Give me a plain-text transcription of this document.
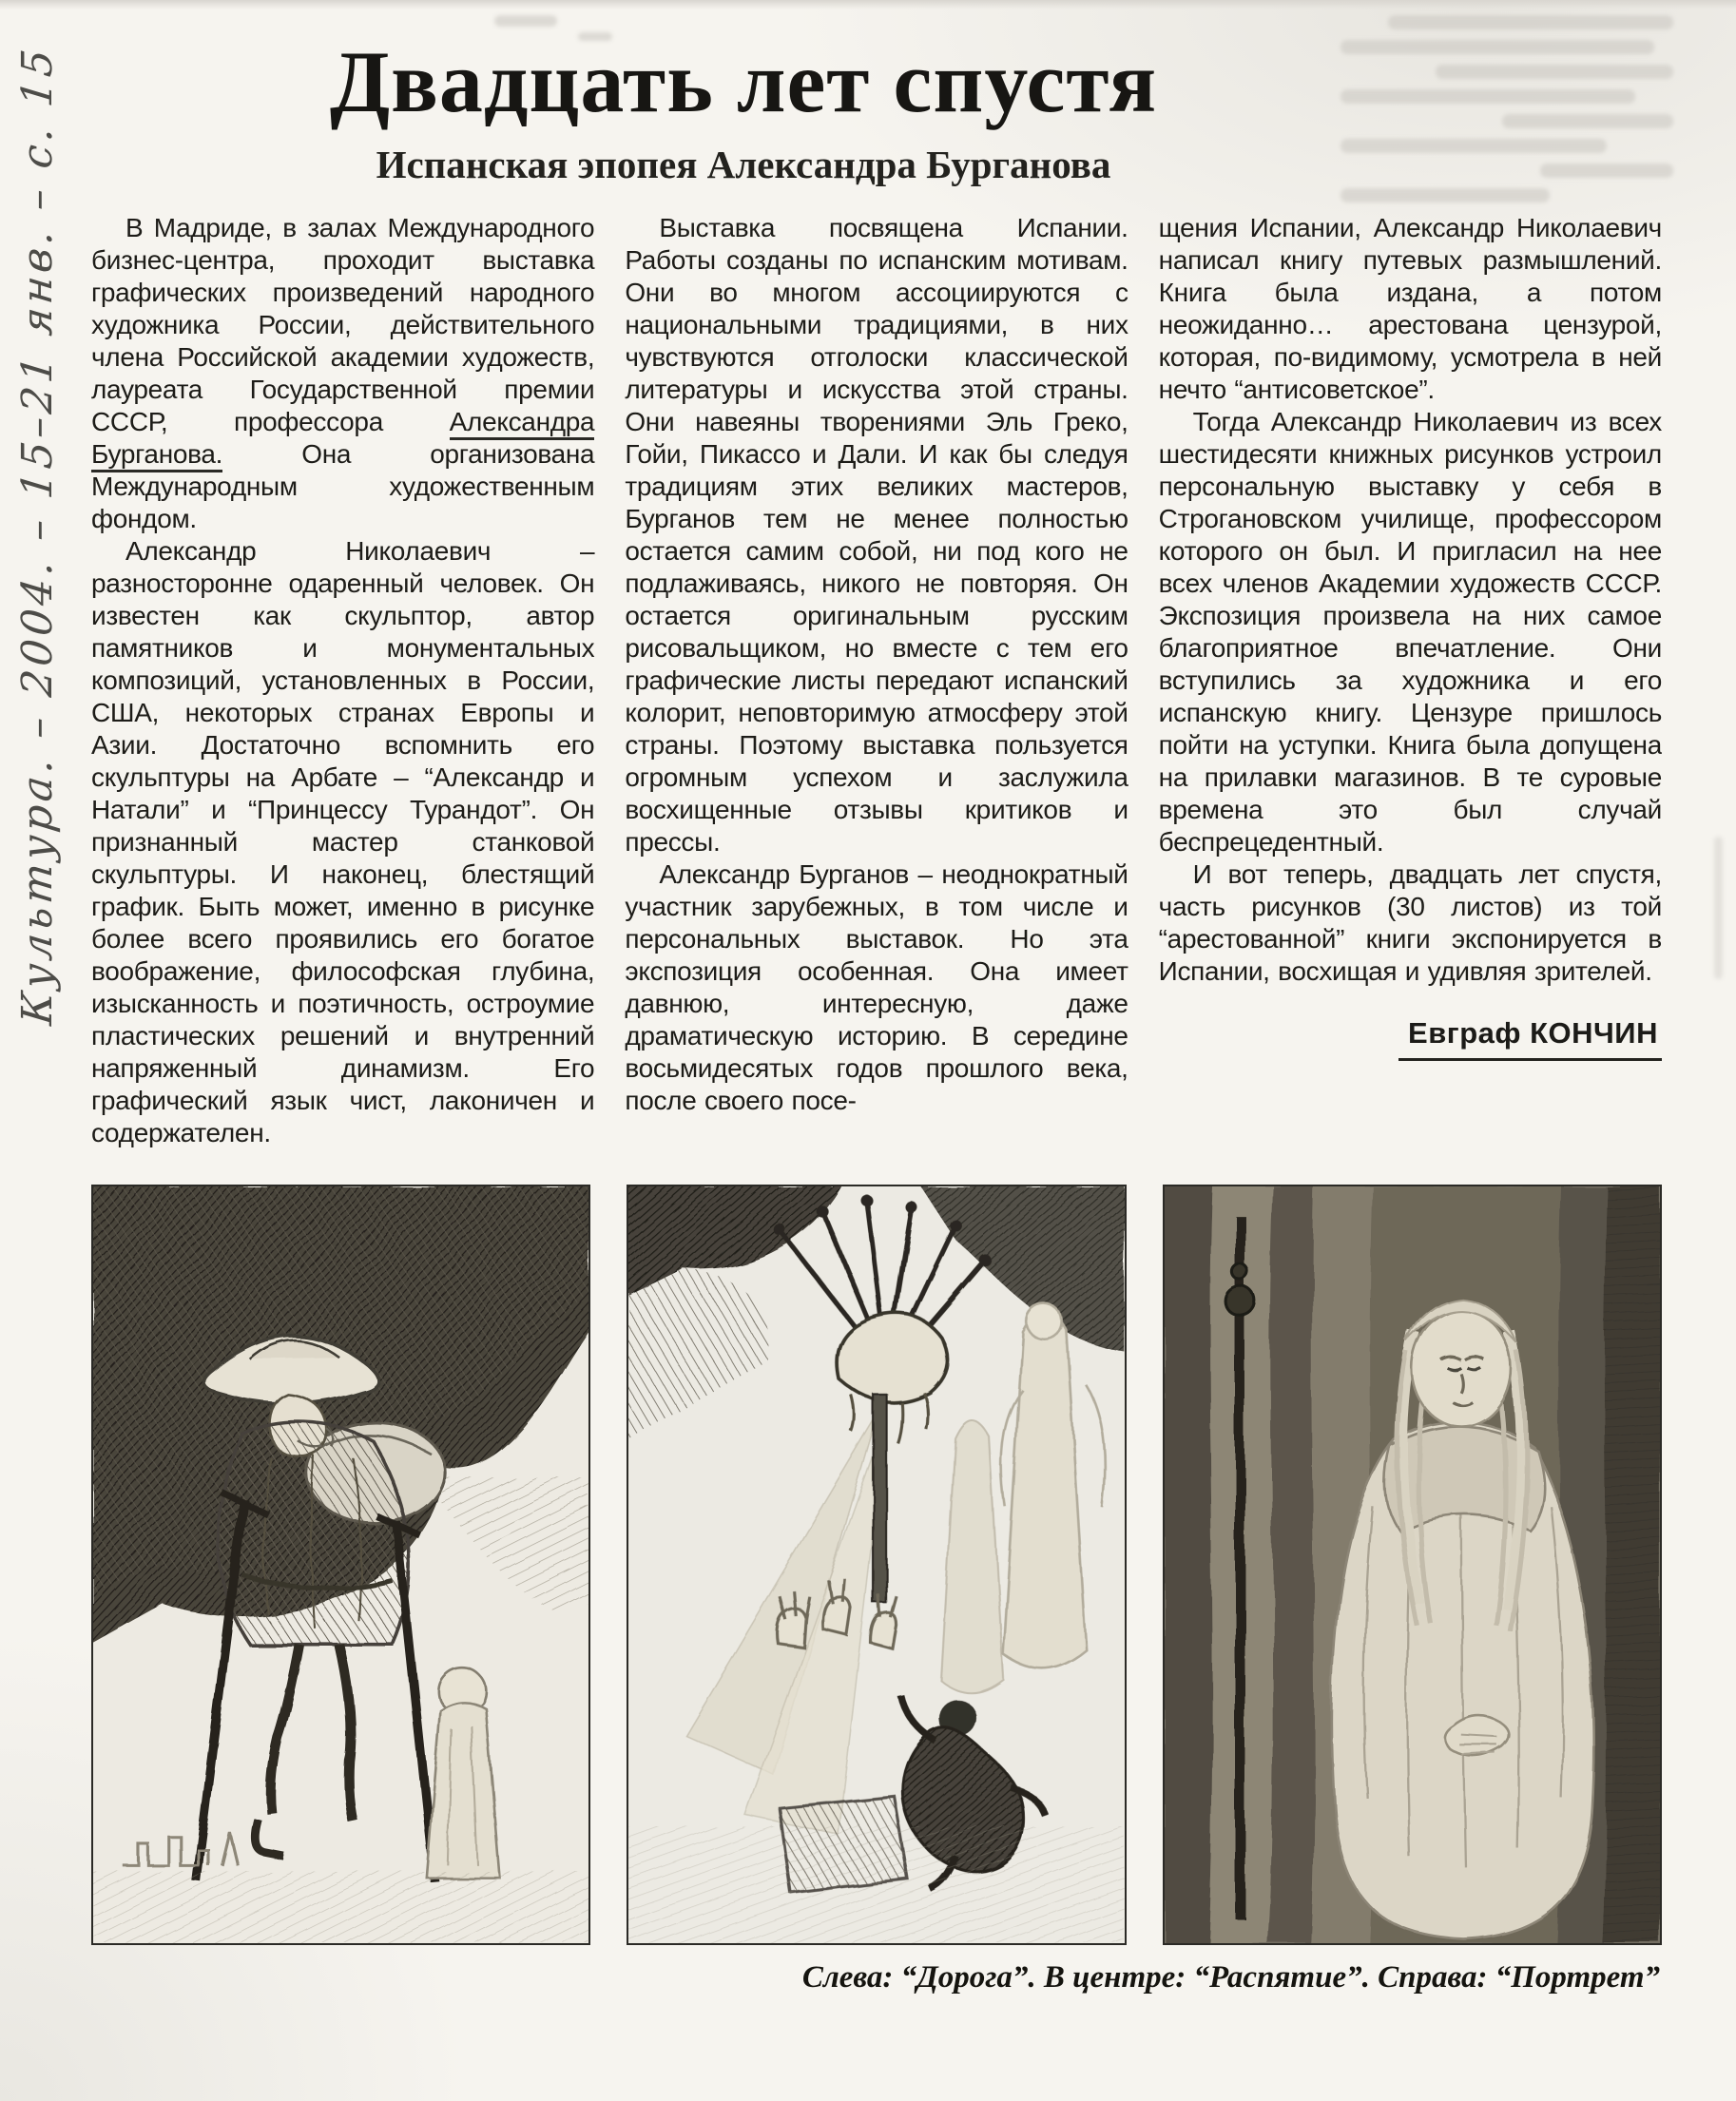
Культура. – 2004. – 15–21 янв. – с. 15	Двадцать лет спустя
Испанская эпопея Александра Бурганова

В Мадриде, в залах Международного бизнес-центра, проходит выставка графических произведений народного художника России, действительного члена Российской академии художеств, лауреата Государственной премии СССР, профессора Александра Бурганова. Она организована Международным художественным фондом.

Александр Николаевич – разносторонне одаренный человек. Он известен как скульптор, автор памятников и монументальных композиций, установленных в России, США, некоторых странах Европы и Азии. Достаточно вспомнить его скульптуры на Арбате – “Александр и Натали” и “Принцессу Турандот”. Он признанный мастер станковой скульптуры. И наконец, блестящий график. Быть может, именно в рисунке более всего проявились его богатое воображение, философская глубина, изысканность и поэтичность, остроумие пластических решений и внутренний напряженный динамизм. Его графический язык чист, лаконичен и содержателен.

Выставка посвящена Испании. Работы созданы по испанским мотивам. Они во многом ассоциируются с национальными традициями, в них чувствуются отголоски классической литературы и искусства этой страны. Они навеяны творениями Эль Греко, Гойи, Пикассо и Дали. И как бы следуя традициям этих великих мастеров, Бурганов тем не менее полностью остается самим собой, ни под кого не подлаживаясь, никого не повторяя. Он остается оригинальным русским рисовальщиком, но вместе с тем его графические листы передают испанский колорит, неповторимую атмосферу этой страны. Поэтому выставка пользуется огромным успехом и заслужила восхищенные отзывы критиков и прессы.

Александр Бурганов – неоднократный участник зарубежных, в том числе и персональных выставок. Но эта экспозиция особенная. Она имеет давнюю, интересную, даже драматическую историю. В середине восьмидесятых годов прошлого века, после своего посе-

щения Испании, Александр Николаевич написал книгу путевых размышлений. Книга была издана, а потом неожиданно… арестована цензурой, которая, по-видимому, усмотрела в ней нечто “антисоветское”.

Тогда Александр Николаевич из всех шестидесяти книжных рисунков устроил персональную выставку у себя в Строгановском училище, профессором которого он был. И пригласил на нее всех членов Академии художеств СССР. Экспозиция произвела на них самое благоприятное впечатление. Они вступились за художника и его испанскую книгу. Цензуре пришлось пойти на уступки. Книга была допущена на прилавки магазинов. В те суровые времена это был случай беспрецедентный.

И вот теперь, двадцать лет спустя, часть рисунков (30 листов) из той “арестованной” книги экспонируется в Испании, восхищая и удивляя зрителей.

Евграф КОНЧИН
Слева: “Дорога”. В центре: “Распятие”. Справа: “Портрет”
